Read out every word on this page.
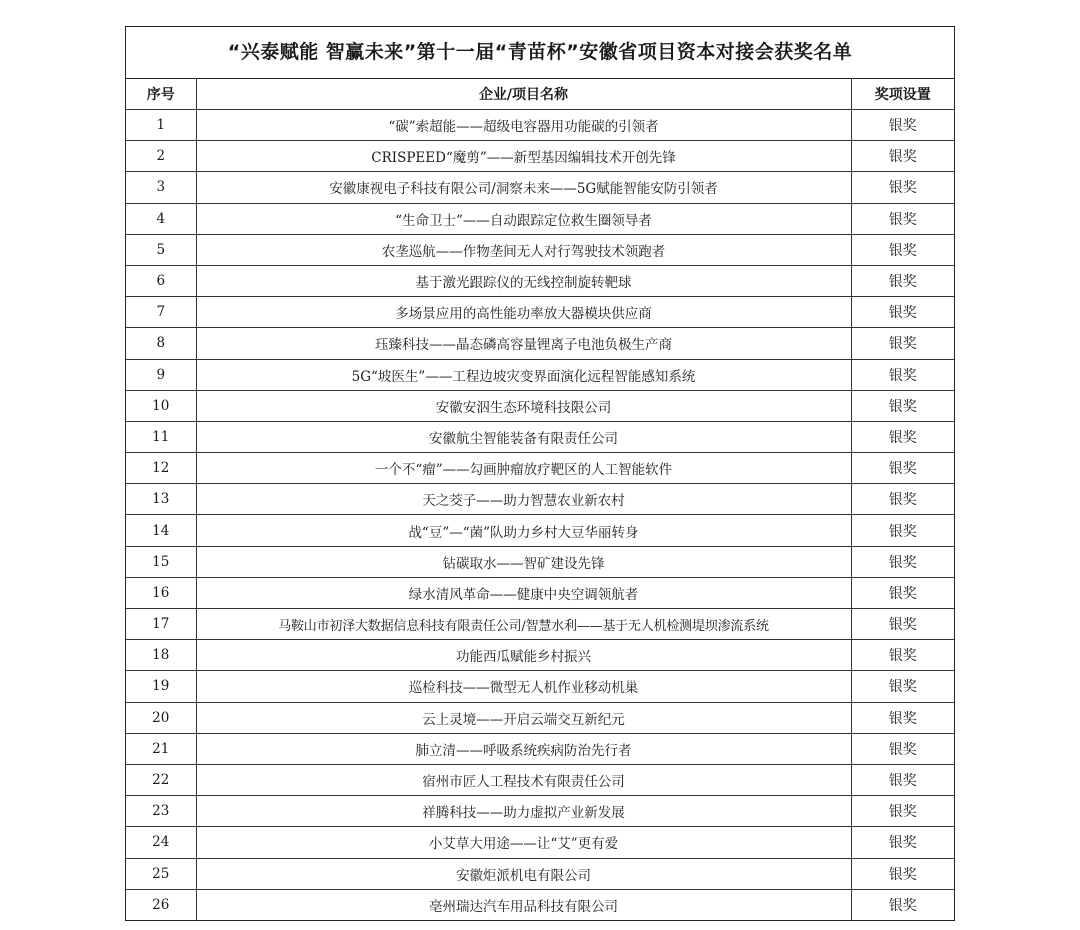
“兴泰赋能 智赢未来”第十一届“青苗杯”安徽省项目资本对接会获奖名单
序号	企业/项目名称	奖项设置
1	“碳”索超能——超级电容器用功能碳的引领者	银奖
2	CRISPEED“魔剪”——新型基因编辑技术开创先锋	银奖
3	安徽康视电子科技有限公司/洞察未来——5G赋能智能安防引领者	银奖
4	“生命卫士”——自动跟踪定位救生圈领导者	银奖
5	农垄巡航——作物垄间无人对行驾驶技术领跑者	银奖
6	基于激光跟踪仪的无线控制旋转靶球	银奖
7	多场景应用的高性能功率放大器模块供应商	银奖
8	珏臻科技——晶态磷高容量锂离子电池负极生产商	银奖
9	5G“坡医生”——工程边坡灾变界面演化远程智能感知系统	银奖
10	安徽安泅生态环境科技限公司	银奖
11	安徽航尘智能装备有限责任公司	银奖
12	一个不“瘤”——勾画肿瘤放疗靶区的人工智能软件	银奖
13	天之茭子——助力智慧农业新农村	银奖
14	战“豆”—“菌”队助力乡村大豆华丽转身	银奖
15	钻碳取水——智矿建设先锋	银奖
16	绿水清风革命——健康中央空调领航者	银奖
17	马鞍山市初泽大数据信息科技有限责任公司/智慧水利——基于无人机检测堤坝渗流系统	银奖
18	功能西瓜赋能乡村振兴	银奖
19	巡检科技——微型无人机作业移动机巢	银奖
20	云上灵境——开启云端交互新纪元	银奖
21	肺立清——呼吸系统疾病防治先行者	银奖
22	宿州市匠人工程技术有限责任公司	银奖
23	祥腾科技——助力虚拟产业新发展	银奖
24	小艾草大用途——让“艾”更有爱	银奖
25	安徽炬派机电有限公司	银奖
26	亳州瑞达汽车用品科技有限公司	银奖
